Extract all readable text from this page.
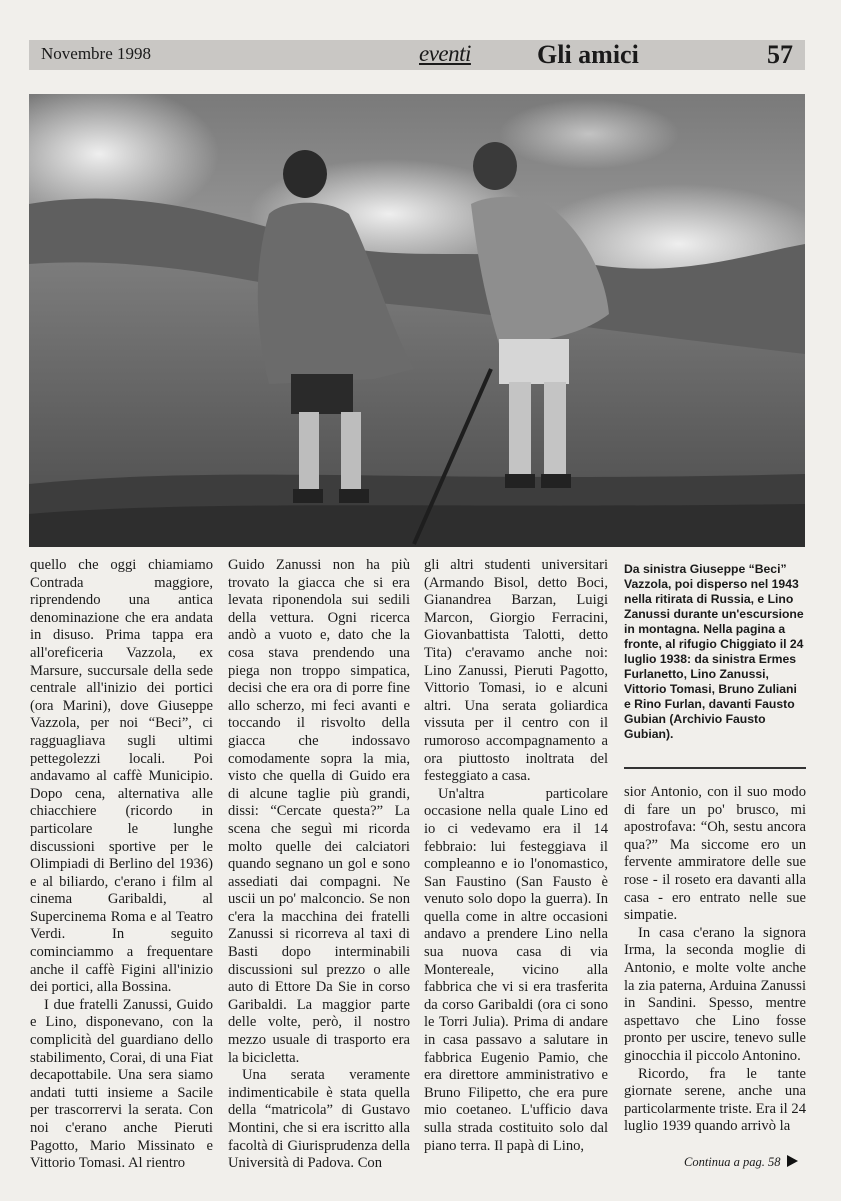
Novembre 1998	eventi	Gli amici	57

quello che oggi chiamiamo Contrada maggiore, riprendendo una antica denominazione che era andata in disuso. Prima tappa era all'oreficeria Vazzola, ex Marsure, succursale della sede centrale all'inizio dei portici (ora Marini), dove Giuseppe Vazzola, per noi “Beci”, ci ragguagliava sugli ultimi pettegolezzi locali. Poi andavamo al caffè Municipio. Dopo cena, alternativa alle chiacchiere (ricordo in particolare le lunghe discussioni sportive per le Olimpiadi di Berlino del 1936) e al biliardo, c'erano i film al cinema Garibaldi, al Supercinema Roma e al Teatro Verdi. In seguito cominciammo a frequentare anche il caffè Figini all'inizio dei portici, alla Bossina.

I due fratelli Zanussi, Guido e Lino, disponevano, con la complicità del guardiano dello stabilimento, Corai, di una Fiat decapottabile. Una sera siamo andati tutti insieme a Sacile per trascorrervi la serata. Con noi c'erano anche Pieruti Pagotto, Mario Missinato e Vittorio Tomasi. Al rientro

Guido Zanussi non ha più trovato la giacca che si era levata riponendola sui sedili della vettura. Ogni ricerca andò a vuoto e, dato che la cosa stava prendendo una piega non troppo simpatica, decisi che era ora di porre fine allo scherzo, mi feci avanti e toccando il risvolto della giacca che indossavo comodamente sopra la mia, visto che quella di Guido era di alcune taglie più grandi, dissi: “Cercate questa?” La scena che seguì mi ricorda molto quelle dei calciatori quando segnano un gol e sono assediati dai compagni. Ne uscii un po' malconcio. Se non c'era la macchina dei fratelli Zanussi si ricorreva al taxi di Basti dopo interminabili discussioni sul prezzo o alle auto di Ettore Da Sie in corso Garibaldi. La maggior parte delle volte, però, il nostro mezzo usuale di trasporto era la bicicletta.

Una serata veramente indimenticabile è stata quella della “matricola” di Gustavo Montini, che si era iscritto alla facoltà di Giurisprudenza della Università di Padova. Con

gli altri studenti universitari (Armando Bisol, detto Boci, Gianandrea Barzan, Luigi Marcon, Giorgio Ferracini, Giovanbattista Talotti, detto Tita) c'eravamo anche noi: Lino Zanussi, Pieruti Pagotto, Vittorio Tomasi, io e alcuni altri. Una serata goliardica vissuta per il centro con il rumoroso accompagnamento a ora piuttosto inoltrata del festeggiato a casa.

Un'altra particolare occasione nella quale Lino ed io ci vedevamo era il 14 febbraio: lui festeggiava il compleanno e io l'onomastico, San Faustino (San Fausto è venuto solo dopo la guerra). In quella come in altre occasioni andavo a prendere Lino nella sua nuova casa di via Montereale, vicino alla fabbrica che vi si era trasferita da corso Garibaldi (ora ci sono le Torri Julia). Prima di andare in casa passavo a salutare in fabbrica Eugenio Pamio, che era direttore amministrativo e Bruno Filipetto, che era pure mio coetaneo. L'ufficio dava sulla strada costituito solo dal piano terra. Il papà di Lino,

Da sinistra Giuseppe “Beci” Vazzola, poi disperso nel 1943 nella ritirata di Russia, e Lino Zanussi durante un'escursione in montagna. Nella pagina a fronte, al rifugio Chiggiato il 24 luglio 1938: da sinistra Ermes Furlanetto, Lino Zanussi, Vittorio Tomasi, Bruno Zuliani e Rino Furlan, davanti Fausto Gubian (Archivio Fausto Gubian).

sior Antonio, con il suo modo di fare un po' brusco, mi apostrofava: “Oh, sestu ancora qua?” Ma siccome ero un fervente ammiratore delle sue rose - il roseto era davanti alla casa - ero entrato nelle sue simpatie.

In casa c'erano la signora Irma, la seconda moglie di Antonio, e molte volte anche la zia paterna, Arduina Zanussi in Sandini. Spesso, mentre aspettavo che Lino fosse pronto per uscire, tenevo sulle ginocchia il piccolo Antonino.

Ricordo, fra le tante giornate serene, anche una particolarmente triste. Era il 24 luglio 1939 quando arrivò la

Continua a pag. 58
